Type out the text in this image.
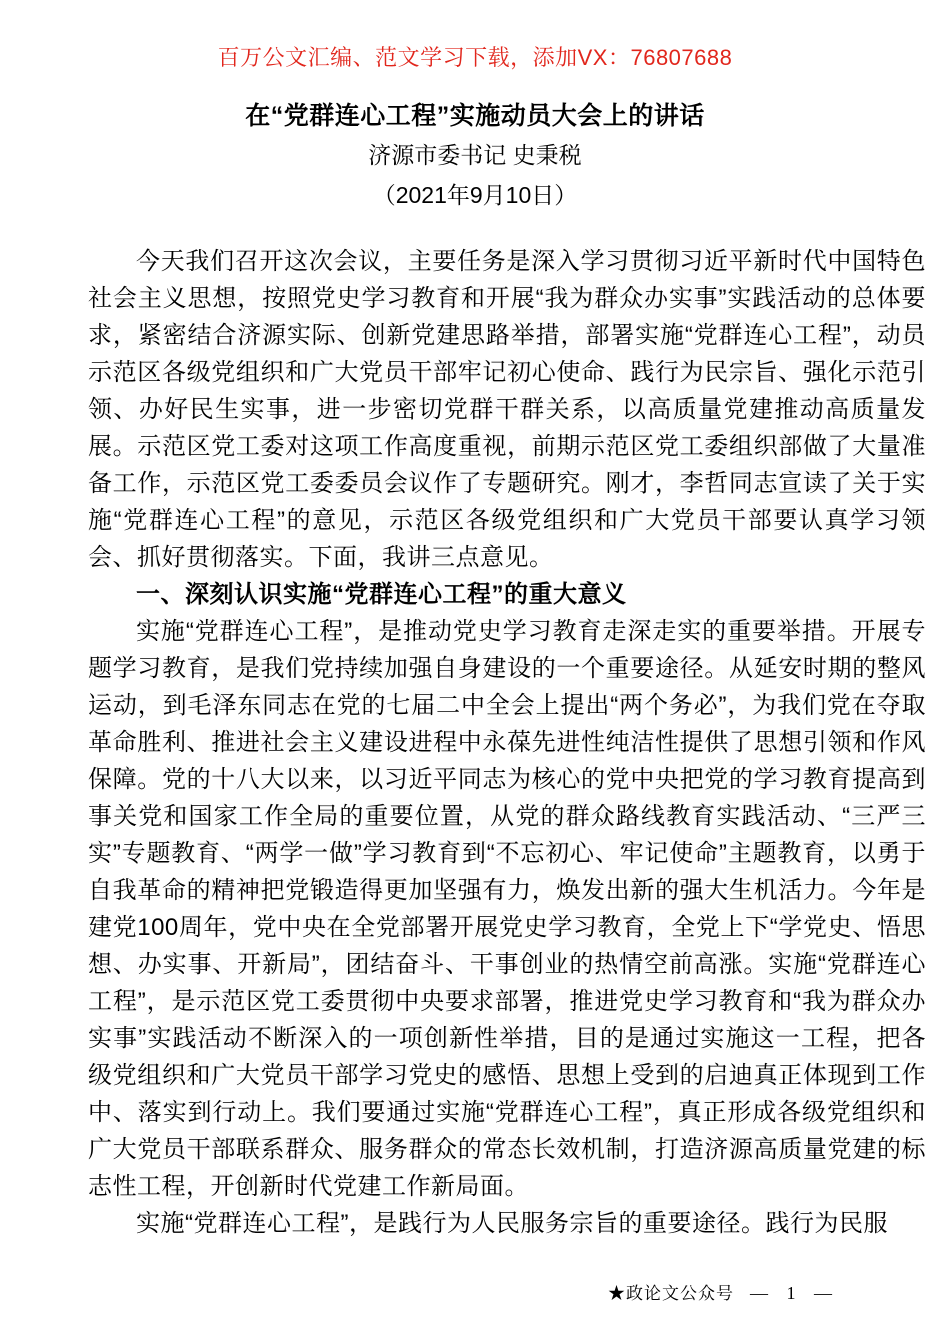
百万公文汇编、范文学习下载，添加VX：76807688

在“党群连心工程”实施动员大会上的讲话

济源市委书记 史秉税

（2021年9月10日）

今天我们召开这次会议，主要任务是深入学习贯彻习近平新时代中国特色社会主义思想，按照党史学习教育和开展“我为群众办实事”实践活动的总体要求，紧密结合济源实际、创新党建思路举措，部署实施“党群连心工程”，动员示范区各级党组织和广大党员干部牢记初心使命、践行为民宗旨、强化示范引领、办好民生实事，进一步密切党群干群关系，以高质量党建推动高质量发展。示范区党工委对这项工作高度重视，前期示范区党工委组织部做了大量准备工作，示范区党工委委员会议作了专题研究。刚才，李哲同志宣读了关于实施“党群连心工程”的意见，示范区各级党组织和广大党员干部要认真学习领会、抓好贯彻落实。下面，我讲三点意见。

一、深刻认识实施“党群连心工程”的重大意义

实施“党群连心工程”，是推动党史学习教育走深走实的重要举措。开展专题学习教育，是我们党持续加强自身建设的一个重要途径。从延安时期的整风运动，到毛泽东同志在党的七届二中全会上提出“两个务必”，为我们党在夺取革命胜利、推进社会主义建设进程中永葆先进性纯洁性提供了思想引领和作风保障。党的十八大以来，以习近平同志为核心的党中央把党的学习教育提高到事关党和国家工作全局的重要位置，从党的群众路线教育实践活动、“三严三实”专题教育、“两学一做”学习教育到“不忘初心、牢记使命”主题教育，以勇于自我革命的精神把党锻造得更加坚强有力，焕发出新的强大生机活力。今年是建党100周年，党中央在全党部署开展党史学习教育，全党上下“学党史、悟思想、办实事、开新局”，团结奋斗、干事创业的热情空前高涨。实施“党群连心工程”，是示范区党工委贯彻中央要求部署，推进党史学习教育和“我为群众办实事”实践活动不断深入的一项创新性举措，目的是通过实施这一工程，把各级党组织和广大党员干部学习党史的感悟、思想上受到的启迪真正体现到工作中、落实到行动上。我们要通过实施“党群连心工程”，真正形成各级党组织和广大党员干部联系群众、服务群众的常态长效机制，打造济源高质量党建的标志性工程，开创新时代党建工作新局面。

实施“党群连心工程”，是践行为人民服务宗旨的重要途径。践行为民服

★政论文公众号 — 1 —
